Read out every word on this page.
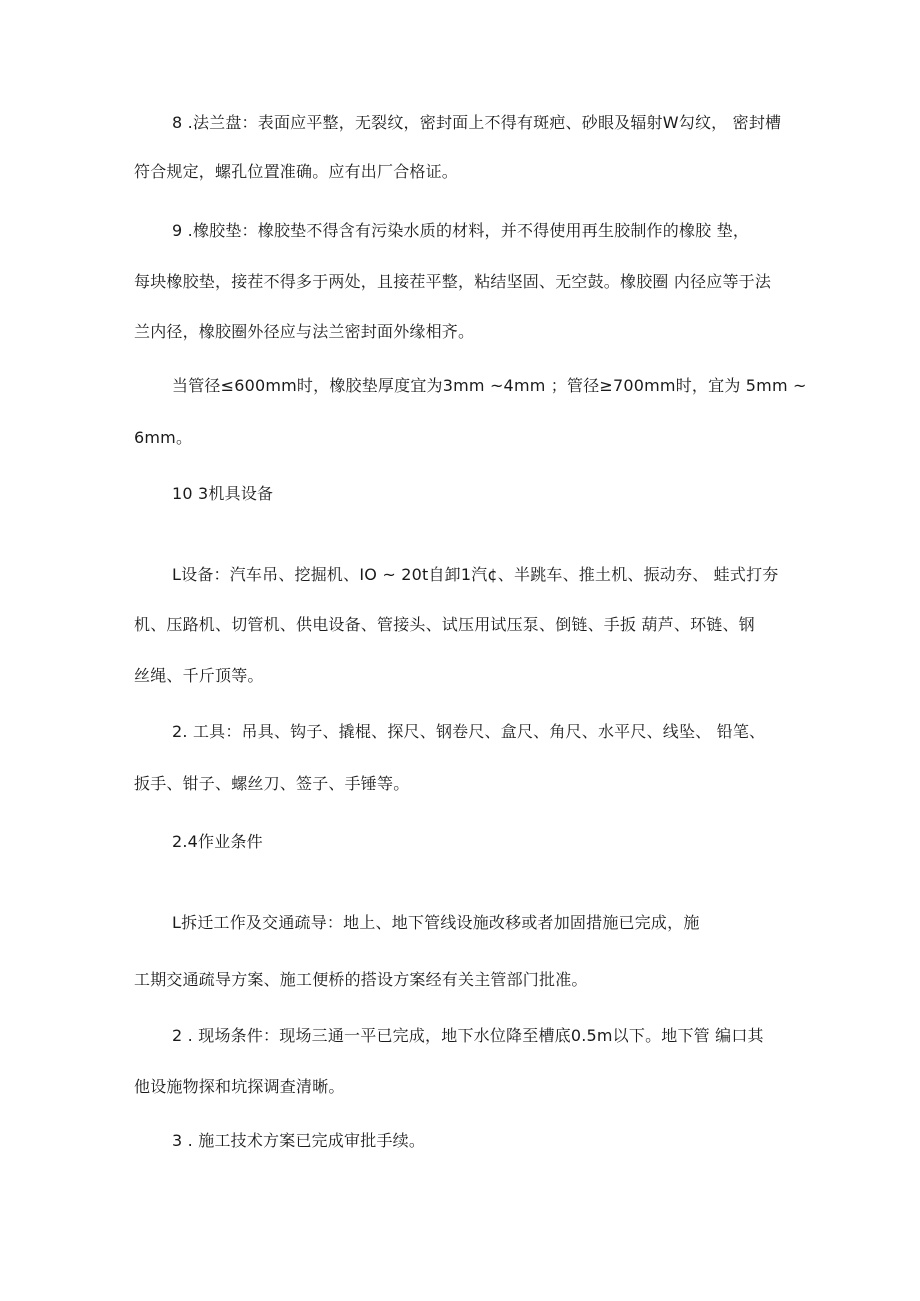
8 .法兰盘：表面应平整，无裂纹，密封面上不得有斑疤、砂眼及辐射W勾纹， 密封槽
符合规定，螺孔位置准确。应有出厂合格证。
9 .橡胶垫：橡胶垫不得含有污染水质的材料，并不得使用再生胶制作的橡胶 垫，
每块橡胶垫，接茬不得多于两处，且接茬平整，粘结坚固、无空鼓。橡胶圈 内径应等于法
兰内径，橡胶圈外径应与法兰密封面外缘相齐。
当管径≤600mm时，橡胶垫厚度宜为3mm ~4mm ；管径≥700mm时，宜为 5mm ~
6mm。
10 3机具设备
L设备：汽车吊、挖掘机、IO ~ 20t自卸1汽¢、半跳车、推土机、振动夯、 蛙式打夯
机、压路机、切管机、供电设备、管接头、试压用试压泵、倒链、手扳 葫芦、环链、钢
丝绳、千斤顶等。
2. 工具：吊具、钩子、撬棍、探尺、钢卷尺、盒尺、角尺、水平尺、线坠、 铅笔、
扳手、钳子、螺丝刀、签子、手锤等。
2.4作业条件
L拆迁工作及交通疏导：地上、地下管线设施改移或者加固措施已完成，施
工期交通疏导方案、施工便桥的搭设方案经有关主管部门批准。
2 . 现场条件：现场三通一平已完成，地下水位降至槽底0.5m以下。地下管 编口其
他设施物探和坑探调查清晰。
3 . 施工技术方案已完成审批手续。
